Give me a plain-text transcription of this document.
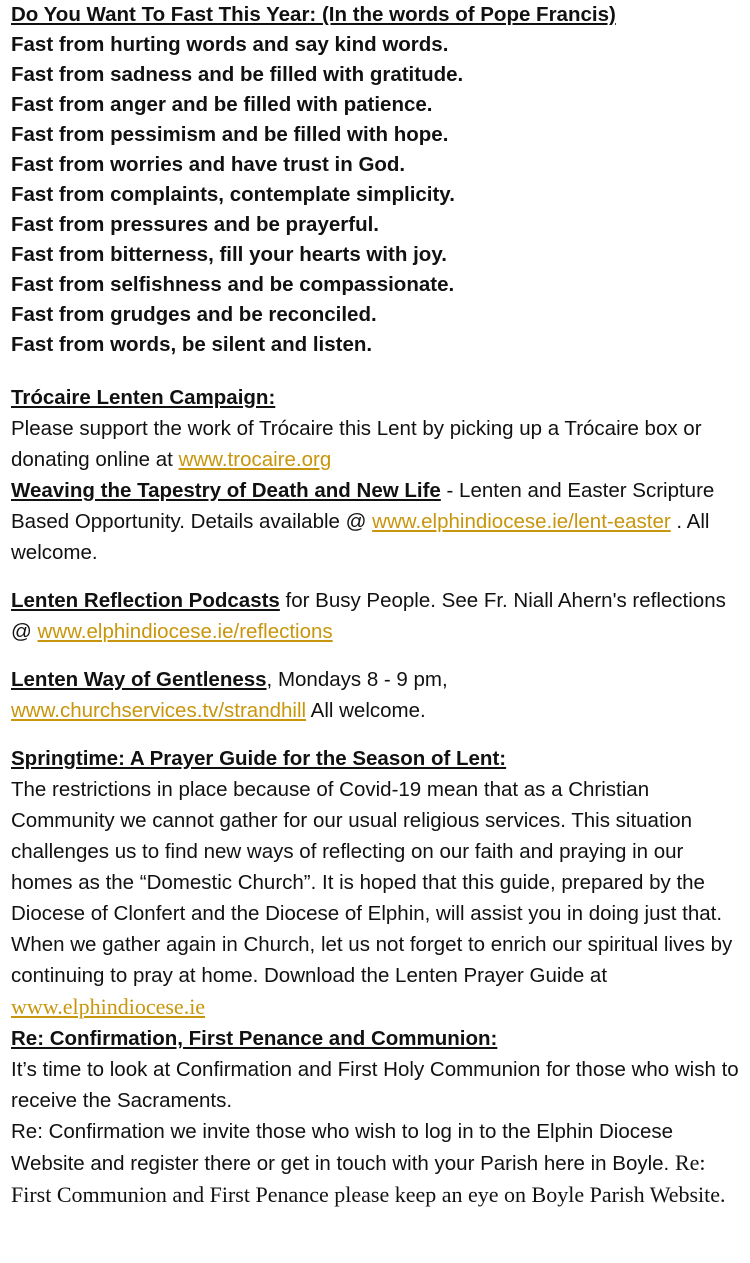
Do You Want To Fast This Year: (In the words of Pope Francis)
Fast from hurting words and say kind words.
Fast from sadness and be filled with gratitude.
Fast from anger and be filled with patience.
Fast from pessimism and be filled with hope.
Fast from worries and have trust in God.
Fast from complaints, contemplate simplicity.
Fast from pressures and be prayerful.
Fast from bitterness, fill your hearts with joy.
Fast from selfishness and be compassionate.
Fast from grudges and be reconciled.
Fast from words, be silent and listen.
Trócaire Lenten Campaign:
Please support the work of Trócaire this Lent by picking up a Trócaire box or donating online at www.trocaire.org

Weaving the Tapestry of Death and New Life - Lenten and Easter Scripture Based Opportunity. Details available @ www.elphindiocese.ie/lent-easter . All welcome.

Lenten Reflection Podcasts for Busy People. See Fr. Niall Ahern's reflections @ www.elphindiocese.ie/reflections

Lenten Way of Gentleness, Mondays 8 - 9 pm,
www.churchservices.tv/strandhill All welcome.

Springtime: A Prayer Guide for the Season of Lent:
The restrictions in place because of Covid-19 mean that as a Christian Community we cannot gather for our usual religious services. This situation challenges us to find new ways of reflecting on our faith and praying in our homes as the “Domestic Church”. It is hoped that this guide, prepared by the Diocese of Clonfert and the Diocese of Elphin, will assist you in doing just that. When we gather again in Church, let us not forget to enrich our spiritual lives by continuing to pray at home. Download the Lenten Prayer Guide at www.elphindiocese.ie
Re: Confirmation, First Penance and Communion:
It’s time to look at Confirmation and First Holy Communion for those who wish to receive the Sacraments.
Re: Confirmation we invite those who wish to log in to the Elphin Diocese Website and register there or get in touch with your Parish here in Boyle. Re: First Communion and First Penance please keep an eye on Boyle Parish Website.
